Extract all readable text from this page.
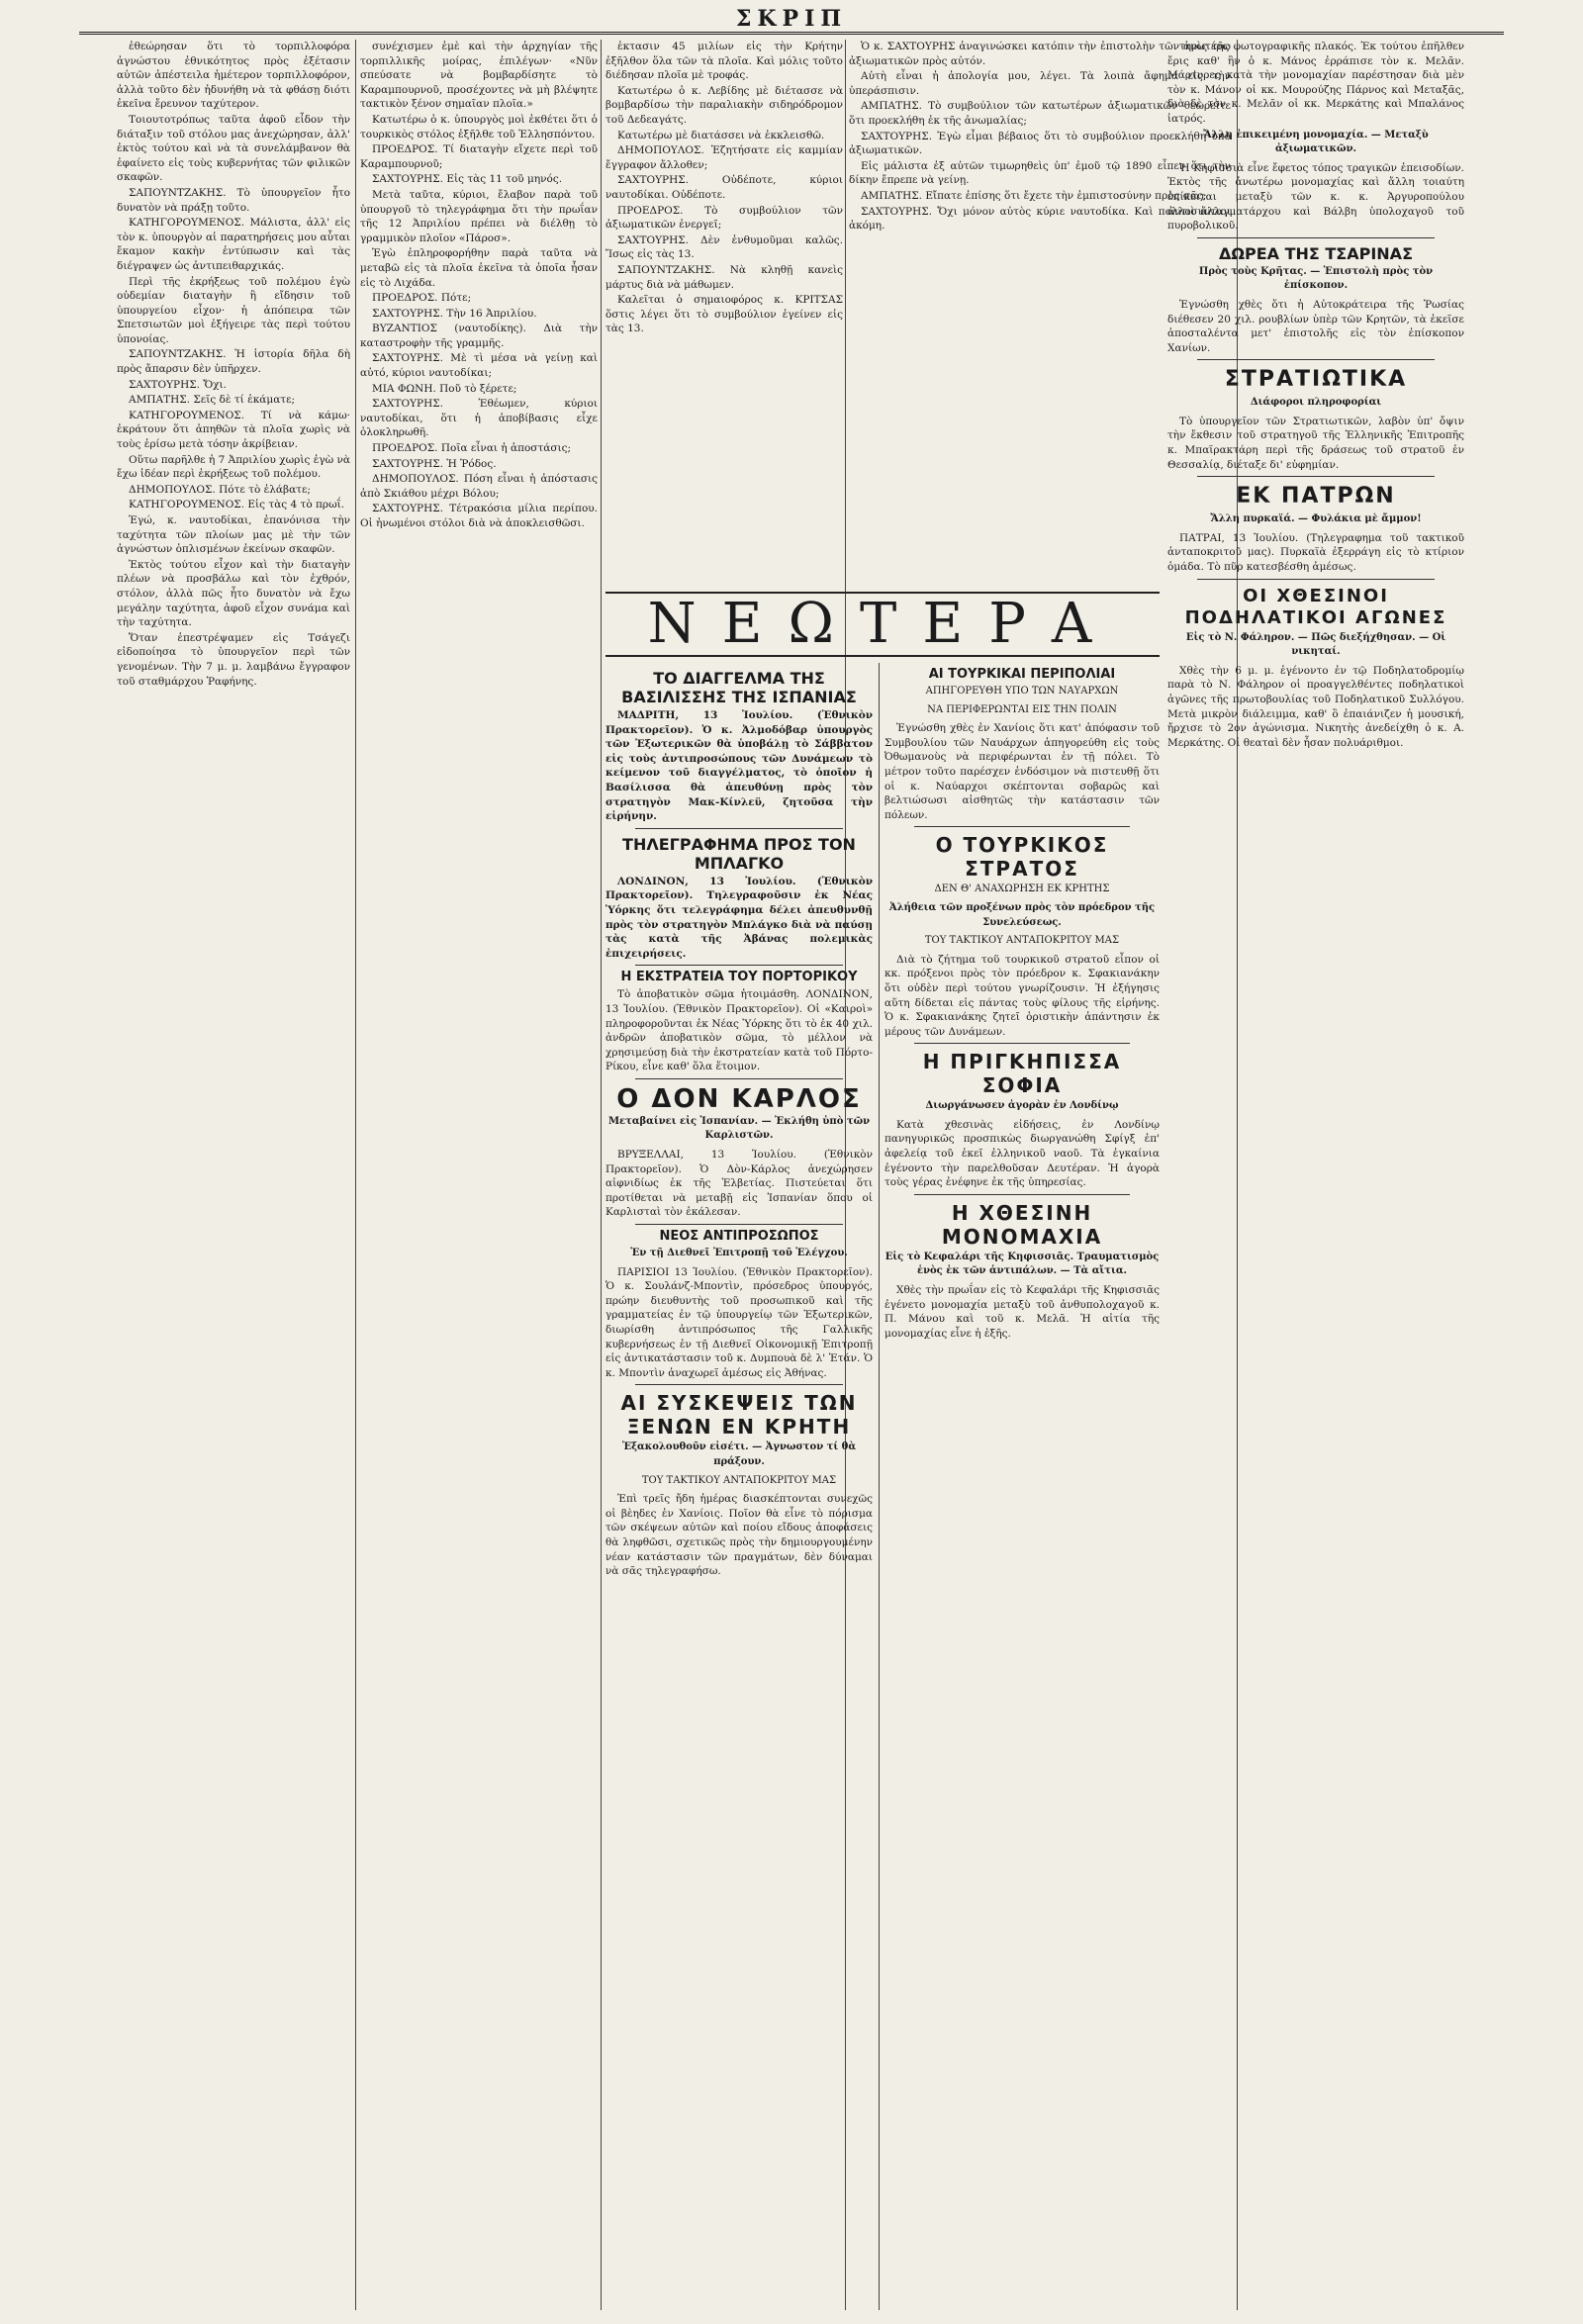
ΣΚΡΙΠ

ἐθεώρησαν ὅτι τὸ τορπιλλοφόρα ἀγνώστου ἐθνικότητος πρὸς ἐξέτασιν αὐτῶν ἀπέστειλα ἡμέτερον τορπιλλοφόρον, ἀλλὰ τοῦτο δὲν ἠδυνήθη νὰ τὰ φθάσῃ διότι ἐκεῖνα ἔρευνον ταχύτερον.

Τοιουτοτρόπως ταῦτα ἀφοῦ εἶδον τὴν διάταξιν τοῦ στόλου μας ἀνεχώρησαν, ἀλλ' ἐκτὸς τούτου καὶ νὰ τὰ συνελάμβανον θὰ ἐφαίνετο εἰς τοὺς κυβερνήτας τῶν φιλικῶν σκαφῶν.

ΣΑΠΟΥΝΤΖΑΚΗΣ. Τὸ ὑπουργεῖον ἦτο δυνατὸν νὰ πράξῃ τοῦτο.

ΚΑΤΗΓΟΡΟΥΜΕΝΟΣ. Μάλιστα, ἀλλ' εἰς τὸν κ. ὑπουργὸν αἱ παρατηρήσεις μου αὗται ἔκαμον κακὴν ἐντύπωσιν καὶ τὰς διέγραψεν ὡς ἀντιπειθαρχικάς.

Περὶ τῆς ἐκρήξεως τοῦ πολέμου ἐγὼ οὐδεμίαν διαταγὴν ἢ εἴδησιν τοῦ ὑπουργείου εἶχον· ἡ ἀπόπειρα τῶν Σπετσιωτῶν μοὶ ἐξήγειρε τὰς περὶ τούτου ὑπονοίας.

ΣΑΠΟΥΝΤΖΑΚΗΣ. Ἡ ἱστορία δῆλα δὴ πρὸς ἄπαρσιν δὲν ὑπῆρχεν.

ΣΑΧΤΟΥΡΗΣ. Ὄχι.

ΑΜΠΑΤΗΣ. Σεῖς δὲ τί ἐκάματε;

ΚΑΤΗΓΟΡΟΥΜΕΝΟΣ. Τί νὰ κάμω· ἐκράτουν ὅτι ἀπηθῶν τὰ πλοῖα χωρὶς νὰ τοὺς ἐρίσω μετὰ τόσην ἀκρίβειαν.

Οὕτω παρῆλθε ἡ 7 Ἀπριλίου χωρὶς ἐγὼ νὰ ἔχω ἰδέαν περὶ ἐκρήξεως τοῦ πολέμου.

ΔΗΜΟΠΟΥΛΟΣ. Πότε τὸ ἐλάβατε;

ΚΑΤΗΓΟΡΟΥΜΕΝΟΣ. Εἰς τὰς 4 τὸ πρωΐ.

Ἐγώ, κ. ναυτοδίκαι, ἐπανόνισα τὴν ταχύτητα τῶν πλοίων μας μὲ τὴν τῶν ἀγνώστων ὁπλισμένων ἐκείνων σκαφῶν.

Ἐκτὸς τούτου εἶχον καὶ τὴν διαταγὴν πλέων νὰ προσβάλω καὶ τὸν ἐχθρόν, στόλον, ἀλλὰ πῶς ἦτο δυνατὸν νὰ ἔχω μεγάλην ταχύτητα, ἀφοῦ εἶχον συνάμα καὶ τὴν ταχύτητα.

Ὅταν ἐπεστρέψαμεν εἰς Τσάγεζι εἰδοποίησα τὸ ὑπουργεῖον περὶ τῶν γενομένων. Τὴν 7 μ. μ. λαμβάνω ἔγγραφον τοῦ σταθμάρχου Ῥαφήνης.

συνέχισμεν ἐμὲ καὶ τὴν ἀρχηγίαν τῆς τορπιλλικῆς μοίρας, ἐπιλέγων· «Νῦν σπεύσατε νὰ βομβαρδίσητε τὸ Καραμπουρνοῦ, προσέχοντες νὰ μὴ βλέψητε τακτικὸν ξένον σημαῖαν πλοῖα.»

Κατωτέρω ὁ κ. ὑπουργὸς μοὶ ἐκθέτει ὅτι ὁ τουρκικὸς στόλος ἐξῆλθε τοῦ Ἑλλησπόντου.

ΠΡΟΕΔΡΟΣ. Τί διαταγὴν εἴχετε περὶ τοῦ Καραμπουρνοῦ;

ΣΑΧΤΟΥΡΗΣ. Εἰς τὰς 11 τοῦ μηνός.

Μετὰ ταῦτα, κύριοι, ἔλαβον παρὰ τοῦ ὑπουργοῦ τὸ τηλεγράφημα ὅτι τὴν πρωΐαν τῆς 12 Ἀπριλίου πρέπει νὰ διέλθῃ τὸ γραμμικὸν πλοῖον «Πάροσ».

Ἐγὼ ἐπληροφορήθην παρὰ ταῦτα νὰ μεταβῶ εἰς τὰ πλοῖα ἐκεῖνα τὰ ὁποῖα ἦσαν εἰς τὸ Λιχάδα.

ΠΡΟΕΔΡΟΣ. Πότε;

ΣΑΧΤΟΥΡΗΣ. Τὴν 16 Ἀπριλίου.

ΒΥΖΑΝΤΙΟΣ (ναυτοδίκης). Διὰ τὴν καταστροφὴν τῆς γραμμῆς.

ΣΑΧΤΟΥΡΗΣ. Μὲ τὶ μέσα νὰ γείνῃ καὶ αὐτό, κύριοι ναυτοδίκαι;

ΜΙΑ ΦΩΝΗ. Ποῦ τὸ ξέρετε;

ΣΑΧΤΟΥΡΗΣ. Ἐθέωμεν, κύριοι ναυτοδίκαι, ὅτι ἡ ἀποβίβασις εἶχε ὁλοκληρωθῆ.

ΠΡΟΕΔΡΟΣ. Ποῖα εἶναι ἡ ἀποστάσις;

ΣΑΧΤΟΥΡΗΣ. Ἡ Ῥόδος.

ΔΗΜΟΠΟΥΛΟΣ. Πόση εἶναι ἡ ἀπόστασις ἀπὸ Σκιάθου μέχρι Βόλου;

ΣΑΧΤΟΥΡΗΣ. Τέτρακόσια μίλια περίπου. Οἱ ἡνωμένοι στόλοι διὰ νὰ ἀποκλεισθῶσι.

ἐκτασιν 45 μιλίων εἰς τὴν Κρήτην ἐξῆλθον ὅλα τῶν τὰ πλοῖα. Καὶ μόλις τοῦτο διέδησαν πλοῖα μὲ τροφάς.

Κατωτέρω ὁ κ. Λεβίδης μὲ διέτασσε νὰ βομβαρδίσω τὴν παραλιακὴν σιδηρόδρομον τοῦ Δεδεαγάτς.

Κατωτέρω μὲ διατάσσει νὰ ἐκκλεισθῶ.

ΔΗΜΟΠΟΥΛΟΣ. Ἐζητήσατε εἰς καμμίαν ἔγγραφον ἄλλοθεν;

ΣΑΧΤΟΥΡΗΣ. Οὐδέποτε, κύριοι ναυτοδίκαι. Οὐδέποτε.

ΠΡΟΕΔΡΟΣ. Τὸ συμβούλιον τῶν ἀξιωματικῶν ἐνεργεῖ;

ΣΑΧΤΟΥΡΗΣ. Δὲν ἐνθυμοῦμαι καλῶς. Ἴσως εἰς τὰς 13.

ΣΑΠΟΥΝΤΖΑΚΗΣ. Νὰ κληθῇ κανεὶς μάρτυς διὰ νὰ μάθωμεν.

Καλεῖται ὁ σημαιοφόρος κ. ΚΡΙΤΣΑΣ ὅστις λέγει ὅτι τὸ συμβούλιον ἐγείνεν εἰς τὰς 13.

Ὁ κ. ΣΑΧΤΟΥΡΗΣ ἀναγινώσκει κατόπιν τὴν ἐπιστολὴν τῶν ἀνωτέρω ἀξιωματικῶν πρὸς αὐτόν.

Αὐτὴ εἶναι ἡ ἀπολογία μου, λέγει. Τὰ λοιπὰ ἄφημα εἰς τὴν ὑπεράσπισιν.

ΑΜΠΑΤΗΣ. Τὸ συμβούλιον τῶν κατωτέρων ἀξιωματικῶν θεωρεῖτε ὅτι προεκλήθη ἐκ τῆς ἀνωμαλίας;

ΣΑΧΤΟΥΡΗΣ. Ἐγὼ εἶμαι βέβαιος ὅτι τὸ συμβούλιον προεκλήθη ὑπὸ ἀξιωματικῶν.

Εἰς μάλιστα ἐξ αὐτῶν τιμωρηθεὶς ὑπ' ἐμοῦ τῷ 1890 εἶπεν ὅτι τὴν δίκην ἔπρεπε νὰ γείνῃ.

ΑΜΠΑΤΗΣ. Εἴπατε ἐπίσης ὅτι ἔχετε τὴν ἐμπιστοσύνην πρὸς σᾶς;

ΣΑΧΤΟΥΡΗΣ. Ὄχι μόνον αὐτὸς κύριε ναυτοδίκα. Καὶ πολλοὶ ἄλλοι ἀκόμη.

ΝΕΩΤΕΡΑ
ΤΟ ΔΙΑΓΓΕΛΜΑ ΤΗΣ ΒΑΣΙΛΙΣΣΗΣ ΤΗΣ ΙΣΠΑΝΙΑΣ

ΜΑΔΡΙΤΗ, 13 Ἰουλίου. (Ἐθνικὸν Πρακτορεῖον). Ὁ κ. Ἀλμοδόβαρ ὑπουργὸς τῶν Ἐξωτερικῶν θὰ ὑποβάλῃ τὸ Σάββατον εἰς τοὺς ἀντιπροσώπους τῶν Δυνάμεων τὸ κείμενον τοῦ διαγγέλματος, τὸ ὁποῖον ἡ Βασίλισσα θὰ ἀπευθύνῃ πρὸς τὸν στρατηγὸν Μακ-Κίνλεϋ, ζητοῦσα τὴν εἰρήνην.

ΤΗΛΕΓΡΑΦΗΜΑ ΠΡΟΣ ΤΟΝ ΜΠΛΑΓΚΟ

ΛΟΝΔΙΝΟΝ, 13 Ἰουλίου. (Ἐθνικὸν Πρακτορεῖον). Τηλεγραφοῦσιν ἐκ Νέας Ὑόρκης ὅτι τελεγράφημα δέλει ἀπευθυνθῇ πρὸς τὸν στρατηγὸν Μπλάγκο διὰ νὰ παύσῃ τὰς κατὰ τῆς Ἀβάνας πολεμικὰς ἐπιχειρήσεις.

Η ΕΚΣΤΡΑΤΕΙΑ ΤΟΥ ΠΟΡΤΟΡΙΚΟΥ

Τὸ ἀποβατικὸν σῶμα ἡτοιμάσθη. ΛΟΝΔΙΝΟΝ, 13 Ἰουλίου. (Ἐθνικὸν Πρακτορεῖον). Οἱ «Καιροὶ» πληροφοροῦνται ἐκ Νέας Ὑόρκης ὅτι τὸ ἐκ 40 χιλ. ἀνδρῶν ἀποβατικὸν σῶμα, τὸ μέλλον νὰ χρησιμεύσῃ διὰ τὴν ἐκστρατείαν κατὰ τοῦ Πόρτο-Ρίκου, εἶνε καθ' ὅλα ἕτοιμον.

Ο ΔΟΝ ΚΑΡΛΟΣ
Μεταβαίνει εἰς Ἰσπανίαν. — Ἐκλήθη ὑπὸ τῶν Καρλιστῶν.

ΒΡΥΞΕΛΛΑΙ, 13 Ἰουλίου. (Ἐθνικὸν Πρακτορεῖον). Ὁ Δὸν-Κάρλος ἀνεχώρησεν αἰφνιδίως ἐκ τῆς Ἑλβετίας. Πιστεύεται ὅτι προτίθεται νὰ μεταβῇ εἰς Ἰσπανίαν ὅπου οἱ Καρλισταὶ τὸν ἐκάλεσαν.

ΝΕΟΣ ΑΝΤΙΠΡΟΣΩΠΟΣ
Ἐν τῇ Διεθνεῖ Ἐπιτροπῇ τοῦ Ἐλέγχου.

ΠΑΡΙΣΙΟΙ 13 Ἰουλίου. (Ἐθνικὸν Πρακτορεῖον). Ὁ κ. Σουλάνζ-Μποντὶν, πρόσεδρος ὑπουργός, πρώην διευθυντὴς τοῦ προσωπικοῦ καὶ τῆς γραμματείας ἐν τῷ ὑπουργείῳ τῶν Ἐξωτερικῶν, διωρίσθη ἀντιπρόσωπος τῆς Γαλλικῆς κυβερνήσεως ἐν τῇ Διεθνεῖ Οἰκονομικῇ Ἐπιτροπῇ εἰς ἀντικατάστασιν τοῦ κ. Δυμπουὰ δὲ λ' Ἐτάν. Ὁ κ. Μποντὶν ἀναχωρεῖ ἀμέσως εἰς Ἀθήνας.

ΑΙ ΣΥΣΚΕΨΕΙΣ ΤΩΝ ΞΕΝΩΝ ΕΝ ΚΡΗΤΗ
Ἐξακολουθοῦν εἰσέτι. — Ἀγνωστον τί θὰ πράξουν.
ΤΟΥ ΤΑΚΤΙΚΟΥ ΑΝΤΑΠΟΚΡΙΤΟΥ ΜΑΣ

Ἐπὶ τρεῖς ἤδη ἡμέρας διασκέπτονται συνεχῶς οἱ βὲηδες ἐν Χανίοις. Ποῖον θὰ εἶνε τὸ πόρισμα τῶν σκέψεων αὐτῶν καὶ ποίου εἴδους ἀποφάσεις θὰ ληφθῶσι, σχετικῶς πρὸς τὴν δημιουργουμένην νέαν κατάστασιν τῶν πραγμάτων, δὲν δύναμαι νὰ σᾶς τηλεγραφήσω.

ΑΙ ΤΟΥΡΚΙΚΑΙ ΠΕΡΙΠΟΛΙΑΙ
ΑΠΗΓΟΡΕΥΘΗ ΥΠΟ ΤΩΝ ΝΑΥΑΡΧΩΝ
ΝΑ ΠΕΡΙΦΕΡΩΝΤΑΙ ΕΙΣ ΤΗΝ ΠΟΛΙΝ

Ἐγνώσθη χθὲς ἐν Χανίοις ὅτι κατ' ἀπόφασιν τοῦ Συμβουλίου τῶν Ναυάρχων ἀπηγορεύθη εἰς τοὺς Ὀθωμανοὺς νὰ περιφέρωνται ἐν τῇ πόλει. Τὸ μέτρον τοῦτο παρέσχεν ἐνδόσιμον νὰ πιστευθῇ ὅτι οἱ κ. Ναύαρχοι σκέπτονται σοβαρῶς καὶ βελτιώσωσι αἰσθητῶς τὴν κατάστασιν τῶν πόλεων.

Ο ΤΟΥΡΚΙΚΟΣ ΣΤΡΑΤΟΣ
ΔΕΝ Θ' ΑΝΑΧΩΡΗΣΗ ΕΚ ΚΡΗΤΗΣ
Ἀλήθεια τῶν προξένων πρὸς τὸν πρόεδρον τῆς Συνελεύσεως.
ΤΟΥ ΤΑΚΤΙΚΟΥ ΑΝΤΑΠΟΚΡΙΤΟΥ ΜΑΣ

Διὰ τὸ ζήτημα τοῦ τουρκικοῦ στρατοῦ εἶπον οἱ κκ. πρόξενοι πρὸς τὸν πρόεδρον κ. Σφακιανάκην ὅτι οὐδὲν περὶ τούτου γνωρίζουσιν. Ἡ ἐξήγησις αὕτη δίδεται εἰς πάντας τοὺς φίλους τῆς εἰρήνης. Ὁ κ. Σφακιανάκης ζητεῖ ὁριστικὴν ἀπάντησιν ἐκ μέρους τῶν Δυνάμεων.

Η ΠΡΙΓΚΗΠΙΣΣΑ ΣΟΦΙΑ
Διωργάνωσεν ἀγορὰν ἐν Λονδίνῳ

Κατὰ χθεσινὰς εἰδήσεις, ἐν Λονδίνῳ πανηγυρικῶς προσπικὼς διωργανώθη Σφίγξ ἐπ' ἀφελείᾳ τοῦ ἐκεῖ ἑλληνικοῦ ναοῦ. Τὰ ἐγκαίνια ἐγένοντο τὴν παρελθοῦσαν Δευτέραν. Ἡ ἀγορὰ τοὺς γέρας ἐνέφηνε ἐκ τῆς ὑπηρεσίας.

Η ΧΘΕΣΙΝΗ ΜΟΝΟΜΑΧΙΑ
Εἰς τὸ Κεφαλάρι τῆς Κηφισσιᾶς. Τραυματισμὸς ἑνὸς ἐκ τῶν ἀντιπάλων. — Τὰ αἴτια.

Χθὲς τὴν πρωΐαν εἰς τὸ Κεφαλάρι τῆς Κηφισσιᾶς ἐγένετο μονομαχία μεταξὺ τοῦ ἀνθυπολοχαγοῦ κ. Π. Μάνου καὶ τοῦ κ. Μελᾶ. Ἡ αἰτία τῆς μονομαχίας εἶνε ἡ ἑξῆς.

τηρὶς τῆς φωτογραφικῆς πλακός. Ἐκ τούτου ἐπῆλθεν ἔρις καθ' ἣν ὁ κ. Μάνος ἐρράπισε τὸν κ. Μελᾶν. Μάρτυρες κατὰ τὴν μονομαχίαν παρέστησαν διὰ μὲν τὸν κ. Μάνον οἱ κκ. Μουρούζης Πάρνος καὶ Μεταξᾶς, διὰ δὲ τὸν κ. Μελᾶν οἱ κκ. Μερκάτης καὶ Μπαλάνος ἰατρός.

Ἄλλη ἐπικειμένη μονομαχία. — Μεταξὺ ἀξιωματικῶν.

Ἡ Κηφισσιὰ εἶνε ἔφετος τόπος τραγικῶν ἐπεισοδίων. Ἐκτὸς τῆς ἀνωτέρω μονομαχίας καὶ ἄλλη τοιαύτη ἐπίκειται μεταξὺ τῶν κ. κ. Ἀργυροπούλου ἀντισυνταγματάρχου καὶ Βάλβη ὑπολοχαγοῦ τοῦ πυροβολικοῦ.

ΔΩΡΕΑ ΤΗΣ ΤΣΑΡΙΝΑΣ
Πρὸς τοὺς Κρῆτας. — Ἐπιστολὴ πρὸς τὸν ἐπίσκοπον.

Ἐγνώσθη χθὲς ὅτι ἡ Αὐτοκράτειρα τῆς Ῥωσίας διέθεσεν 20 χιλ. ρουβλίων ὑπὲρ τῶν Κρητῶν, τὰ ἐκεῖσε ἀποσταλέντα μετ' ἐπιστολῆς εἰς τὸν ἐπίσκοπον Χανίων.

ΣΤΡΑΤΙΩΤΙΚΑ
Διάφοροι πληροφορίαι

Τὸ ὑπουργεῖον τῶν Στρατιωτικῶν, λαβὸν ὑπ' ὄψιν τὴν ἔκθεσιν τοῦ στρατηγοῦ τῆς Ἑλληνικῆς Ἐπιτροπῆς κ. Μπαϊρακτάρη περὶ τῆς δράσεως τοῦ στρατοῦ ἐν Θεσσαλίᾳ, διέταξε δι' εὐφημίαν.

ΕΚ ΠΑΤΡΩΝ
Ἄλλη πυρκαϊά. — Φυλάκια μὲ ἄμμον!

ΠΑΤΡΑΙ, 13 Ἰουλίου. (Τηλεγραφημα τοῦ τακτικοῦ ἀνταποκριτοῦ μας). Πυρκαϊὰ ἐξερράγη εἰς τὸ κτίριον ὁμάδα. Τὸ πῦρ κατεσβέσθη ἀμέσως.

ΟΙ ΧΘΕΣΙΝΟΙ ΠΟΔΗΛΑΤΙΚΟΙ ΑΓΩΝΕΣ
Εἰς τὸ Ν. Φάληρον. — Πῶς διεξήχθησαν. — Οἱ νικηταί.

Χθὲς τὴν 6 μ. μ. ἐγένοντο ἐν τῷ Ποδηλατοδρομίῳ παρὰ τὸ Ν. Φάληρον οἱ προαγγελθέντες ποδηλατικοὶ ἀγῶνες τῆς πρωτοβουλίας τοῦ Ποδηλατικοῦ Συλλόγου. Μετὰ μικρὸν διάλειμμα, καθ' ὃ ἐπαιάνιζεν ἡ μουσική, ἤρχισε τὸ 2ον ἀγώνισμα. Νικητὴς ἀνεδείχθη ὁ κ. Α. Μερκάτης. Οἱ θεαταὶ δὲν ἦσαν πολυάριθμοι.
